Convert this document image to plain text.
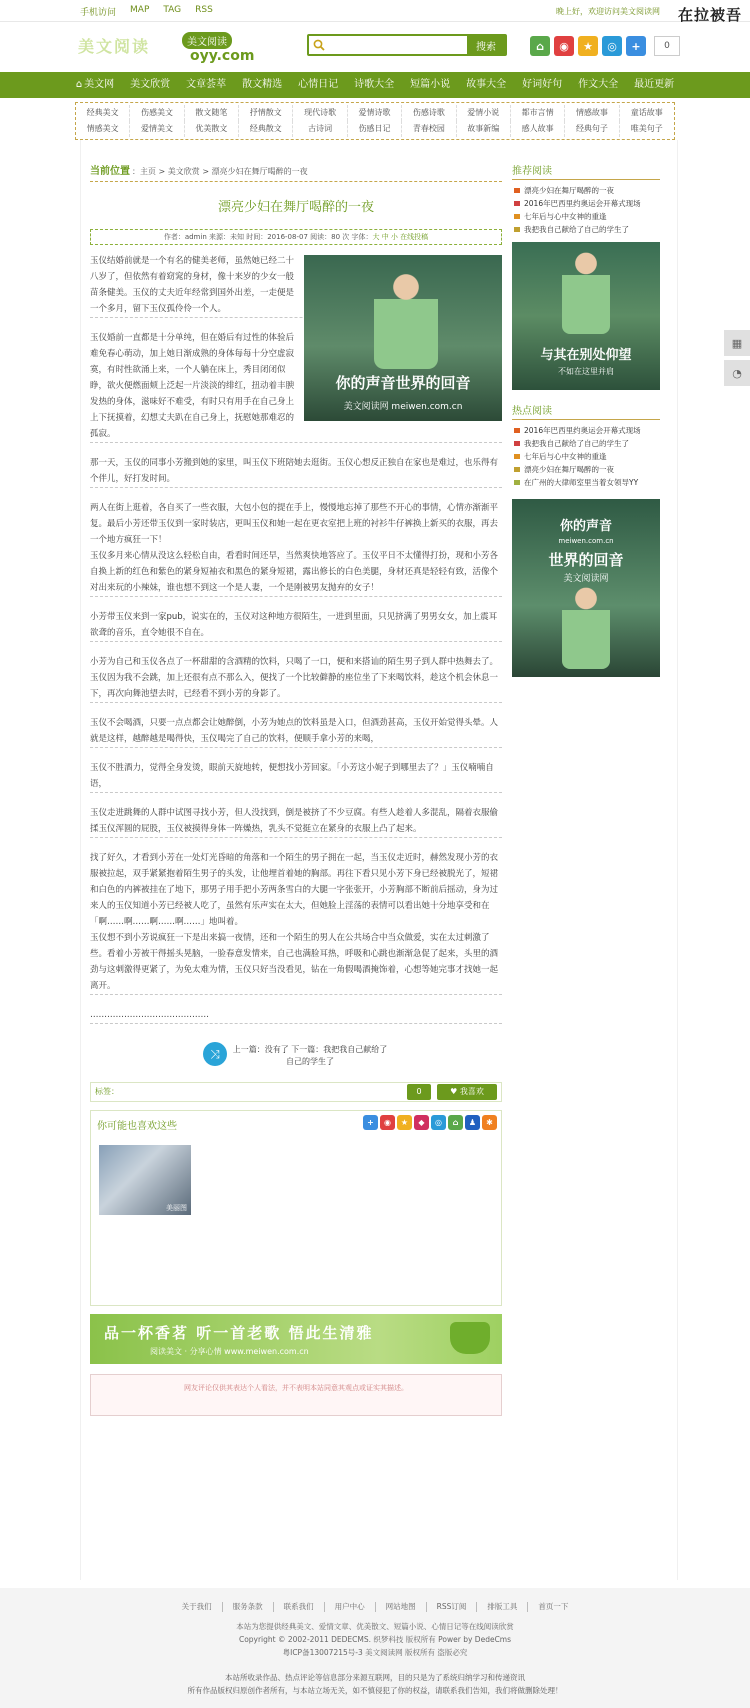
手机访问 MAP TAG RSS	晚上好，欢迎访问美文阅读网 在拉被吾
美文阅读	美文阅读
oyy.com
搜索	⌂	◉	★	◎	+	0
⌂ 美文网	美文欣赏	文章荟萃	散文精选	心情日记	诗歌大全	短篇小说	故事大全	好词好句	作文大全	最近更新
经典美文	伤感美文	散文随笔	抒情散文	现代诗歌	爱情诗歌	伤感诗歌	爱情小说	都市言情	情感故事	童话故事
情感美文	爱情美文	优美散文	经典散文	古诗词	伤感日记	青春校园	故事新编	感人故事	经典句子	唯美句子
当前位置 ：主页 > 美文欣赏 > 漂亮少妇在舞厅喝醉的一夜
漂亮少妇在舞厅喝醉的一夜
作者：admin 来源：未知 时间：2016-08-07 阅读：80 次 字体：大 中 小 在线投稿
你的声音世界的回音
美文阅读网 meiwen.com.cn

玉仪结婚前就是一个有名的健美老师，虽然她已经二十八岁了，但依然有着窈窕的身材，像十来岁的少女一般苗条健美。玉仪的丈夫近年经常到国外出差，一走便是一个多月，留下玉仪孤伶伶一个人。

玉仪婚前一直都是十分单纯，但在婚后有过性的体验后难免春心萌动，加上她日渐成熟的身体每每十分空虚寂寞，有时性欲涌上来，一个人躺在床上，秀目闭闭似睁，欲火便燃面颊上泛起一片淡淡的绯红，扭动着丰腴发热的身体，滋味好不难受，有时只有用手在自己身上上下抚摸着，幻想丈夫趴在自己身上，抚慰她那难忍的孤寂。

那一天，玉仪的同事小芳搬到她的家里，叫玉仪下班陪她去逛街。玉仪心想反正独自在家也是难过，也乐得有个伴儿，好打发时间。

两人在街上逛着，各自买了一些衣服，大包小包的提在手上，慢慢地忘掉了那些不开心的事情，心情亦渐渐平复。最后小芳还带玉仪到一家时装店，更叫玉仪和她一起在更衣室把上班的衬衫牛仔裤换上新买的衣服，再去一个地方疯狂一下！

玉仪多月来心情从没这么轻松自由，看看时间还早，当然爽快地答应了。玉仪平日不太懂得打扮，现和小芳各自换上新的红色和紫色的紧身短袖衣和黑色的紧身短裙，露出修长的白色美腿，身材还真是轻轻有致，活像个对出来玩的小辣妹，谁也想不到这一个是人妻，一个是刚被男友抛弃的女子！

小芳带玉仪来到一家pub，说实在的，玉仪对这种地方很陌生，一进到里面，只见挤满了男男女女，加上震耳欲聋的音乐，直令她很不自在。

小芳为自己和玉仪各点了一杯甜甜的含酒精的饮料，只喝了一口，便和来搭讪的陌生男子到人群中热舞去了。玉仪因为我不会跳，加上还很有点不那么入，便找了一个比较僻静的座位坐了下来喝饮料，趁这个机会休息一下，再次向舞池望去时，已经看不到小芳的身影了。

玉仪不会喝酒，只要一点点都会让她醉倒，小芳为她点的饮料虽是入口，但酒劲甚高，玉仪开始觉得头晕。人就是这样，越醉越是喝得快，玉仪喝完了自己的饮料，便顺手拿小芳的来喝，

玉仪不胜酒力，觉得全身发烫，眼前天旋地转，便想找小芳回家。「小芳这小妮子到哪里去了？」玉仪喃喃自语，

玉仪走进跳舞的人群中试图寻找小芳，但人没找到，倒是被挤了不少豆腐。有些人趁着人多混乱，隔着衣服偷揉玉仪浑圆的屁股，玉仪被摸得身体一阵燥热，乳头不觉挺立在紧身的衣服上凸了起来。

找了好久，才看到小芳在一处灯光昏暗的角落和一个陌生的男子拥在一起，当玉仪走近时，赫然发现小芳的衣服被拉起，双手紧紧抱着陌生男子的头发，让他埋首着她的胸部。再往下看只见小芳下身已经被脱光了，短裙和白色的内裤被挂在了地下，那男子用手把小芳两条雪白的大腿一字张张开，小芳胸部不断前后摇动，身为过来人的玉仪知道小芳已经被人吃了，虽然有乐声实在太大，但她脸上淫荡的表情可以看出她十分地享受和在「啊……啊……啊……啊……」地叫着。

玉仪想不到小芳说疯狂一下是出来搞一夜情，还和一个陌生的男人在公共场合中当众做爱，实在太过刺激了些。看着小芳被干得摇头晃脑，一脸春意发情来，自己也满脸耳热，呼吸和心跳也渐渐急促了起来，头里的酒劲与这刺激得更紧了，为免太难为情，玉仪只好当没看见，钻在一角假喝酒掩饰着，心想等她完事才找她一起离开。

……………………………………

⤨	上一篇：没有了 下一篇：我把我自己献给了自己的学生了
标签：	0	♥ 我喜欢
你可能也喜欢这些	+	◉	★	◆	◎	⌂	♟	✱
美丽图
品一杯香茗 听一首老歌 悟此生清雅
阅读美文 · 分享心情 www.meiwen.com.cn
网友评论仅供其表达个人看法，并不表明本站同意其观点或证实其描述。
推荐阅读
漂亮少妇在舞厅喝醉的一夜
2016年巴西里约奥运会开幕式现场
七年后与心中女神的重逢
我把我自己献给了自己的学生了
与其在别处仰望
不如在这里并肩
热点阅读
2016年巴西里约奥运会开幕式现场
我把我自己献给了自己的学生了
七年后与心中女神的重逢
漂亮少妇在舞厅喝醉的一夜
在广州的大律师室里当着女领导YY
你的声音
meiwen.com.cn
世界的回音
美文阅读网
▦
◔
关于我们	服务条款	联系我们	用户中心	网站地图	RSS订阅	排版工具	首页一下
本站为您提供经典美文、爱情文章、优美散文、短篇小说、心情日记等在线阅读欣赏
Copyright © 2002-2011 DEDECMS. 织梦科技 版权所有 Power by DedeCms
粤ICP备13007215号-3 美文阅读网 版权所有 盗版必究
本站所收录作品、热点评论等信息部分来源互联网，目的只是为了系统归纳学习和传递资讯
所有作品版权归原创作者所有，与本站立场无关，如不慎侵犯了你的权益，请联系我们告知，我们将做删除处理！
